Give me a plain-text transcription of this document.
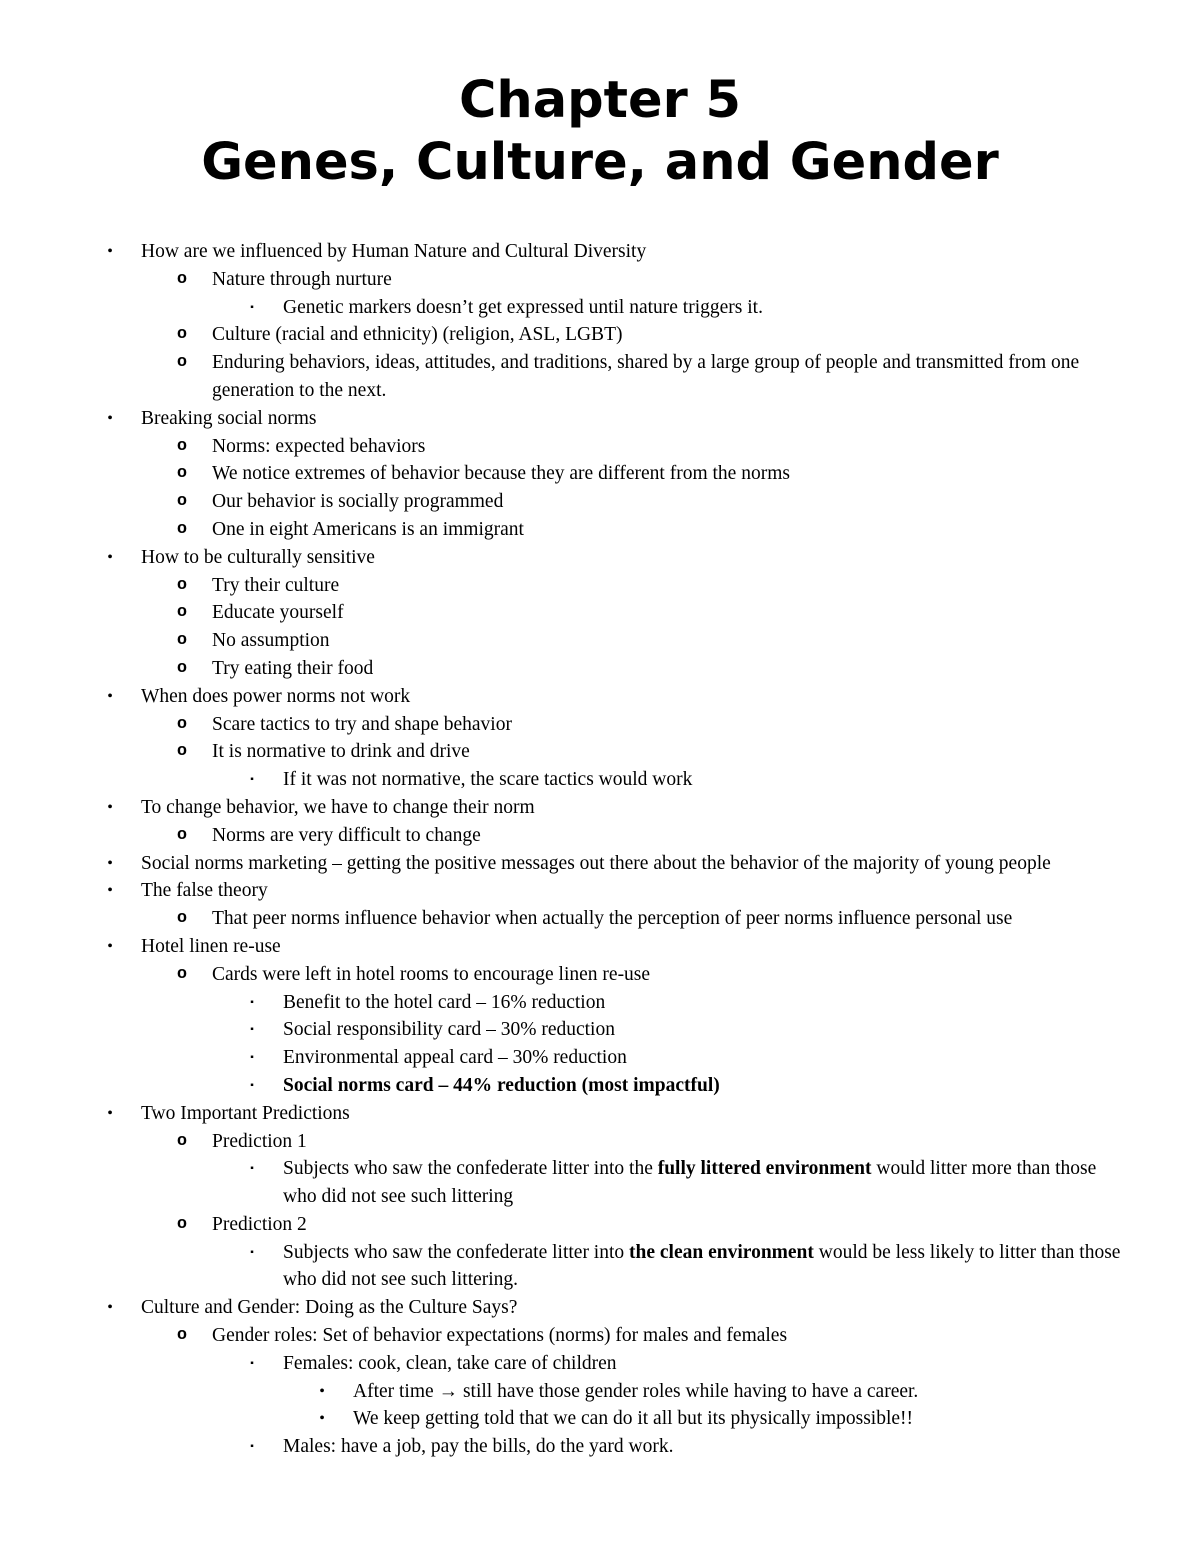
Chapter 5
Genes, Culture, and Gender
•	How are we influenced by Human Nature and Cultural Diversity
o Nature through nurture
▪	Genetic markers doesn’t get expressed until nature triggers it.
o Culture (racial and ethnicity) (religion, ASL, LGBT)
o Enduring behaviors, ideas, attitudes, and traditions, shared by a large group of people and transmitted from one generation to the next.
•	Breaking social norms
o Norms: expected behaviors
o We notice extremes of behavior because they are different from the norms
o Our behavior is socially programmed
o One in eight Americans is an immigrant
•	How to be culturally sensitive
o Try their culture
o Educate yourself
o No assumption
o Try eating their food
•	When does power norms not work
o Scare tactics to try and shape behavior
o It is normative to drink and drive
▪	If it was not normative, the scare tactics would work
•	To change behavior, we have to change their norm
o Norms are very difficult to change
•	Social norms marketing – getting the positive messages out there about the behavior of the majority of young people
•	The false theory
o That peer norms influence behavior when actually the perception of peer norms influence personal use
•	Hotel linen re-use
o Cards were left in hotel rooms to encourage linen re-use
▪	Benefit to the hotel card – 16% reduction
▪	Social responsibility card – 30% reduction
▪	Environmental appeal card – 30% reduction
▪	Social norms card – 44% reduction (most impactful)
•	Two Important Predictions
o Prediction 1
▪	Subjects who saw the confederate litter into the fully littered environment would litter more than those who did not see such littering
o Prediction 2
▪	Subjects who saw the confederate litter into the clean environment would be less likely to litter than those who did not see such littering.
•	Culture and Gender: Doing as the Culture Says?
o Gender roles: Set of behavior expectations (norms) for males and females
▪	Females: cook, clean, take care of children
•	After time → still have those gender roles while having to have a career.
•	We keep getting told that we can do it all but its physically impossible!!
▪	Males: have a job, pay the bills, do the yard work.
